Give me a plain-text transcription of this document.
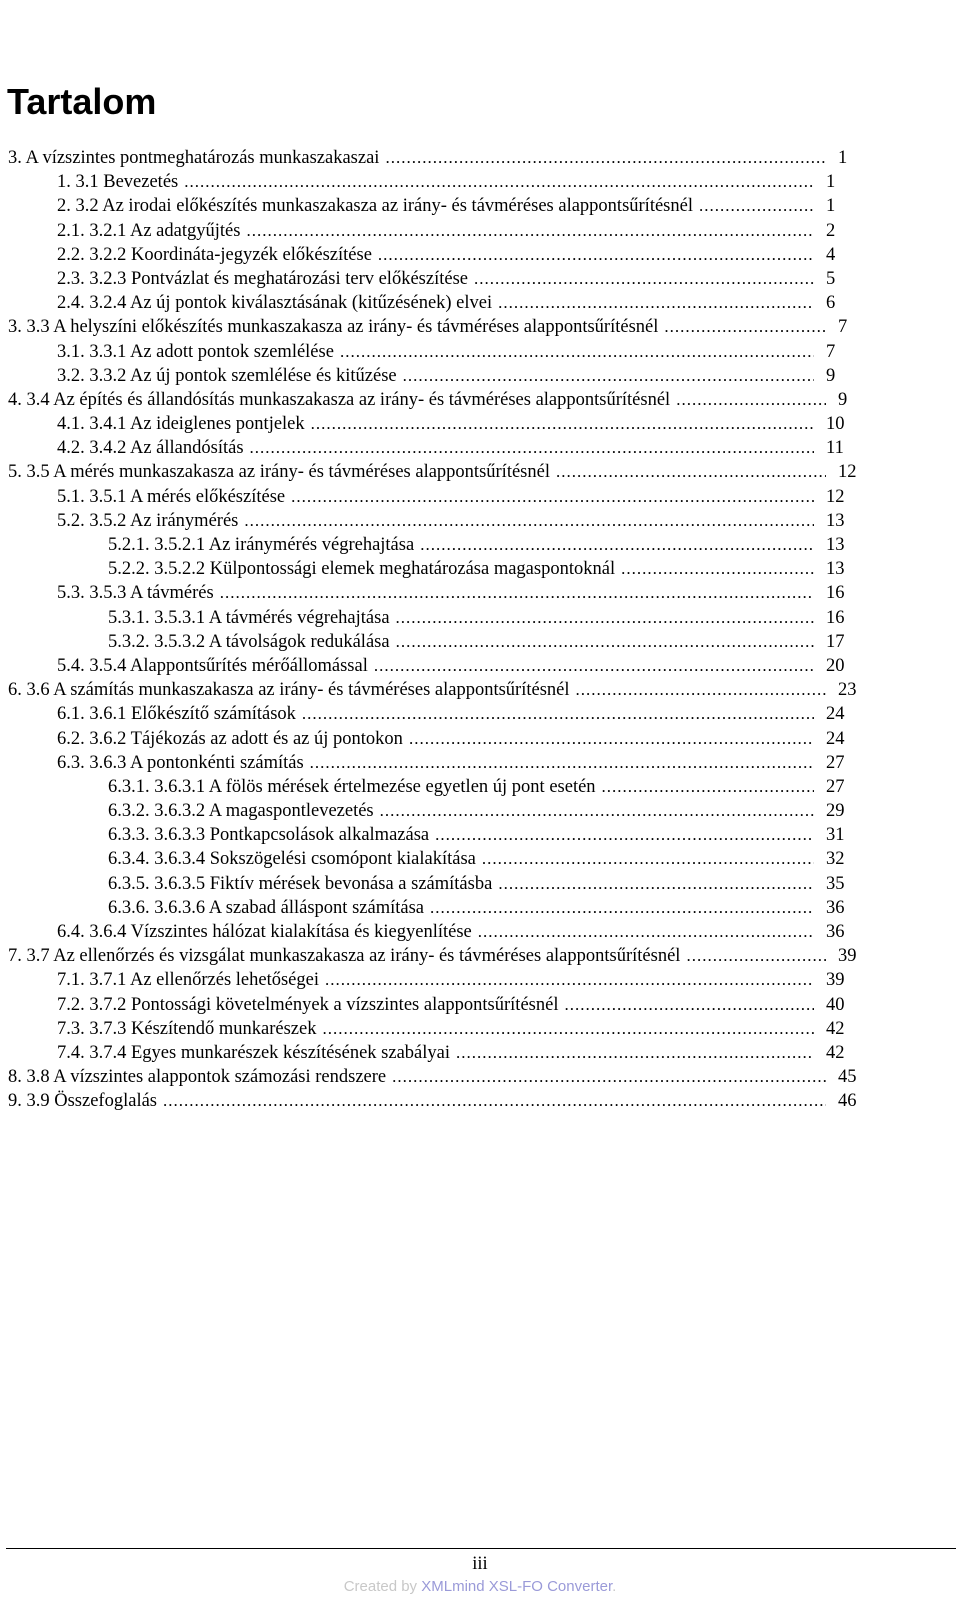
Tartalom
3. A vízszintes pontmeghatározás munkaszakaszai .....	1
1. 3.1 Bevezetés .....	1
2. 3.2 Az irodai előkészítés munkaszakasza az irány- és távméréses alappontsűrítésnél .....	1
2.1. 3.2.1 Az adatgyűjtés .....	2
2.2. 3.2.2 Koordináta-jegyzék előkészítése .....	4
2.3. 3.2.3 Pontvázlat és meghatározási terv előkészítése .....	5
2.4. 3.2.4 Az új pontok kiválasztásának (kitűzésének) elvei .....	6
3. 3.3 A helyszíni előkészítés munkaszakasza az irány- és távméréses alappontsűrítésnél .....	7
3.1. 3.3.1 Az adott pontok szemlélése .....	7
3.2. 3.3.2 Az új pontok szemlélése és kitűzése .....	9
4. 3.4 Az építés és állandósítás munkaszakasza az irány- és távméréses alappontsűrítésnél .....	9
4.1. 3.4.1 Az ideiglenes pontjelek .....	10
4.2. 3.4.2 Az állandósítás .....	11
5. 3.5 A mérés munkaszakasza az irány- és távméréses alappontsűrítésnél .....	12
5.1. 3.5.1 A mérés előkészítése .....	12
5.2. 3.5.2 Az iránymérés .....	13
5.2.1. 3.5.2.1 Az iránymérés végrehajtása .....	13
5.2.2. 3.5.2.2 Külpontossági elemek meghatározása magaspontoknál .....	13
5.3. 3.5.3 A távmérés .....	16
5.3.1. 3.5.3.1 A távmérés végrehajtása .....	16
5.3.2. 3.5.3.2 A távolságok redukálása .....	17
5.4. 3.5.4 Alappontsűrítés mérőállomással .....	20
6. 3.6 A számítás munkaszakasza az irány- és távméréses alappontsűrítésnél .....	23
6.1. 3.6.1 Előkészítő számítások .....	24
6.2. 3.6.2 Tájékozás az adott és az új pontokon .....	24
6.3. 3.6.3 A pontonkénti számítás .....	27
6.3.1. 3.6.3.1 A fölös mérések értelmezése egyetlen új pont esetén .....	27
6.3.2. 3.6.3.2 A magaspontlevezetés .....	29
6.3.3. 3.6.3.3 Pontkapcsolások alkalmazása .....	31
6.3.4. 3.6.3.4 Sokszögelési csomópont kialakítása .....	32
6.3.5. 3.6.3.5 Fiktív mérések bevonása a számításba .....	35
6.3.6. 3.6.3.6 A szabad álláspont számítása .....	36
6.4. 3.6.4 Vízszintes hálózat kialakítása és kiegyenlítése .....	36
7. 3.7 Az ellenőrzés és vizsgálat munkaszakasza az irány- és távméréses alappontsűrítésnél .....	39
7.1. 3.7.1 Az ellenőrzés lehetőségei .....	39
7.2. 3.7.2 Pontossági követelmények a vízszintes alappontsűrítésnél .....	40
7.3. 3.7.3 Készítendő munkarészek .....	42
7.4. 3.7.4 Egyes munkarészek készítésének szabályai .....	42
8. 3.8 A vízszintes alappontok számozási rendszere .....	45
9. 3.9 Összefoglalás .....	46
iii
Created by XMLmind XSL-FO Converter.
